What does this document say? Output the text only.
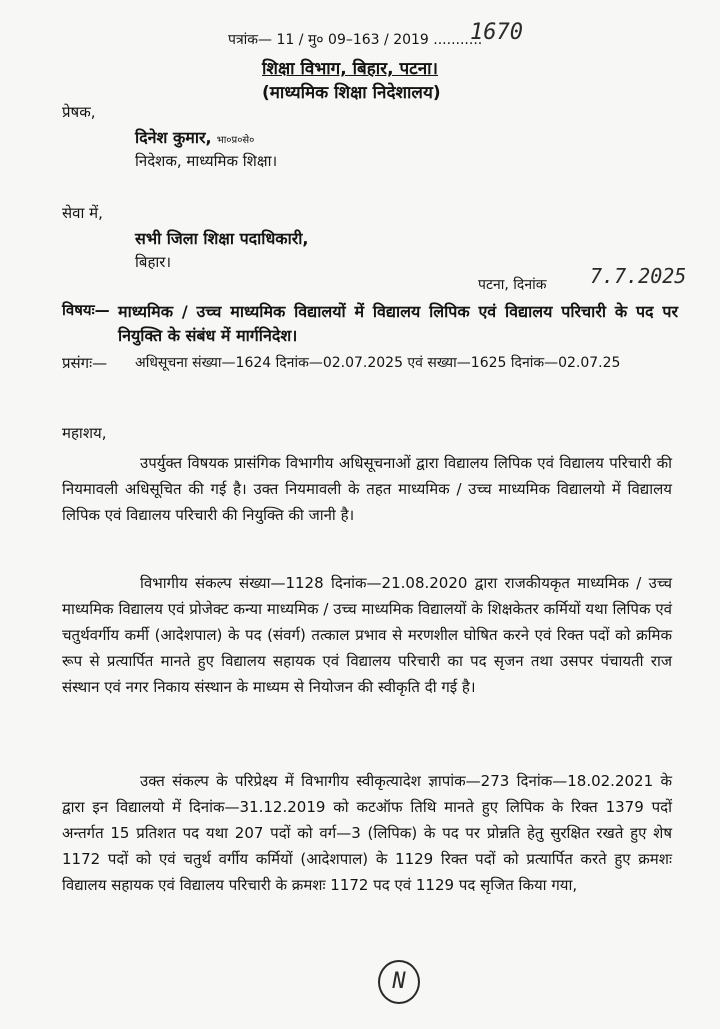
पत्रांक— 11 / मु० 09–163 / 2019 ...........
1670
शिक्षा विभाग, बिहार, पटना।
(माध्यमिक शिक्षा निदेशालय)
प्रेषक,
दिनेश कुमार, भा०प्र०से०
निदेशक, माध्यमिक शिक्षा।
सेवा में,
सभी जिला शिक्षा पदाधिकारी,
बिहार।
पटना, दिनांक 7.7.2025
विषयः— माध्यमिक / उच्च माध्यमिक विद्यालयों में विद्यालय लिपिक एवं विद्यालय परिचारी के पद पर नियुक्ति के संबंध में मार्गनिदेश।
प्रसंगः— अधिसूचना संख्या—1624 दिनांक—02.07.2025 एवं सख्या—1625 दिनांक—02.07.25
महाशय,
उपर्युक्त विषयक प्रासंगिक विभागीय अधिसूचनाओं द्वारा विद्यालय लिपिक एवं विद्यालय परिचारी की नियमावली अधिसूचित की गई है। उक्त नियमावली के तहत माध्यमिक / उच्च माध्यमिक विद्यालयो में विद्यालय लिपिक एवं विद्यालय परिचारी की नियुक्ति की जानी है।
विभागीय संकल्प संख्या—1128 दिनांक—21.08.2020 द्वारा राजकीयकृत माध्यमिक / उच्च माध्यमिक विद्यालय एवं प्रोजेक्ट कन्या माध्यमिक / उच्च माध्यमिक विद्यालयों के शिक्षकेतर कर्मियों यथा लिपिक एवं चतुर्थवर्गीय कर्मी (आदेशपाल) के पद (संवर्ग) तत्काल प्रभाव से मरणशील घोषित करने एवं रिक्त पदों को क्रमिक रूप से प्रत्यार्पित मानते हुए विद्यालय सहायक एवं विद्यालय परिचारी का पद सृजन तथा उसपर पंचायती राज संस्थान एवं नगर निकाय संस्थान के माध्यम से नियोजन की स्वीकृति दी गई है।
उक्त संकल्प के परिप्रेक्ष्य में विभागीय स्वीकृत्यादेश ज्ञापांक—273 दिनांक—18.02.2021 के द्वारा इन विद्यालयो में दिनांक—31.12.2019 को कटऑफ तिथि मानते हुए लिपिक के रिक्त 1379 पदों अन्तर्गत 15 प्रतिशत पद यथा 207 पदों को वर्ग—3 (लिपिक) के पद पर प्रोन्नति हेतु सुरक्षित रखते हुए शेष 1172 पदों को एवं चतुर्थ वर्गीय कर्मियों (आदेशपाल) के 1129 रिक्त पदों को प्रत्यार्पित करते हुए क्रमशः विद्यालय सहायक एवं विद्यालय परिचारी के क्रमशः 1172 पद एवं 1129 पद सृजित किया गया,
N
